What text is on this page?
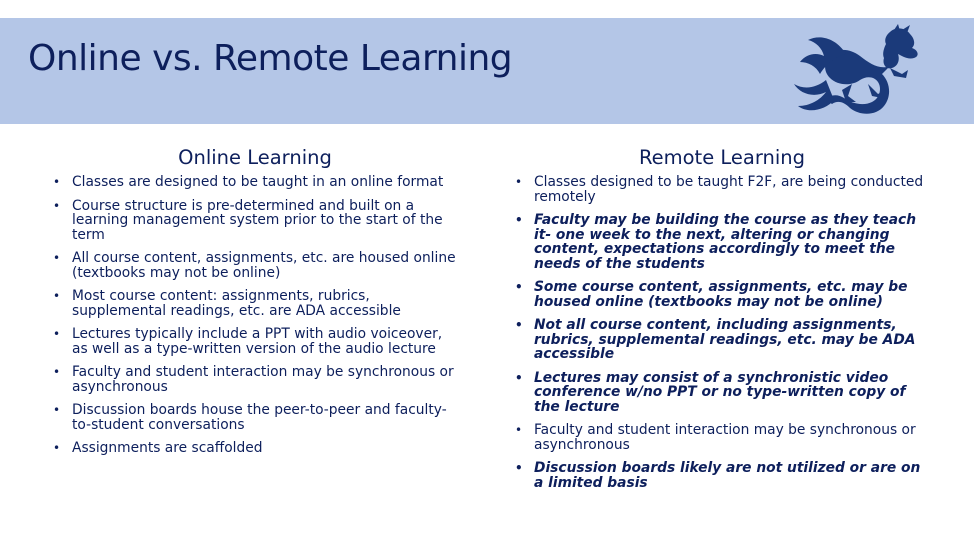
Online vs. Remote Learning
Online Learning
• Classes are designed to be taught in an online format
• Course structure is pre-determined and built on a learning management system prior to the start of the term
• All course content, assignments, etc. are housed online (textbooks may not be online)
• Most course content: assignments, rubrics, supplemental readings, etc. are ADA accessible
• Lectures typically include a PPT with audio voiceover, as well as a type-written version of the audio lecture
• Faculty and student interaction may be synchronous or asynchronous
• Discussion boards house the peer-to-peer and faculty-to-student conversations
• Assignments are scaffolded
Remote Learning
• Classes designed to be taught F2F, are being conducted remotely
• Faculty may be building the course as they teach it- one week to the next, altering or changing content, expectations accordingly to meet the needs of the students
• Some course content, assignments, etc. may be housed online (textbooks may not be online)
• Not all course content, including assignments, rubrics, supplemental readings, etc. may be ADA accessible
• Lectures may consist of a synchronistic video conference w/no PPT or no type-written copy of the lecture
• Faculty and student interaction may be synchronous or asynchronous
• Discussion boards likely are not utilized or are on a limited basis
